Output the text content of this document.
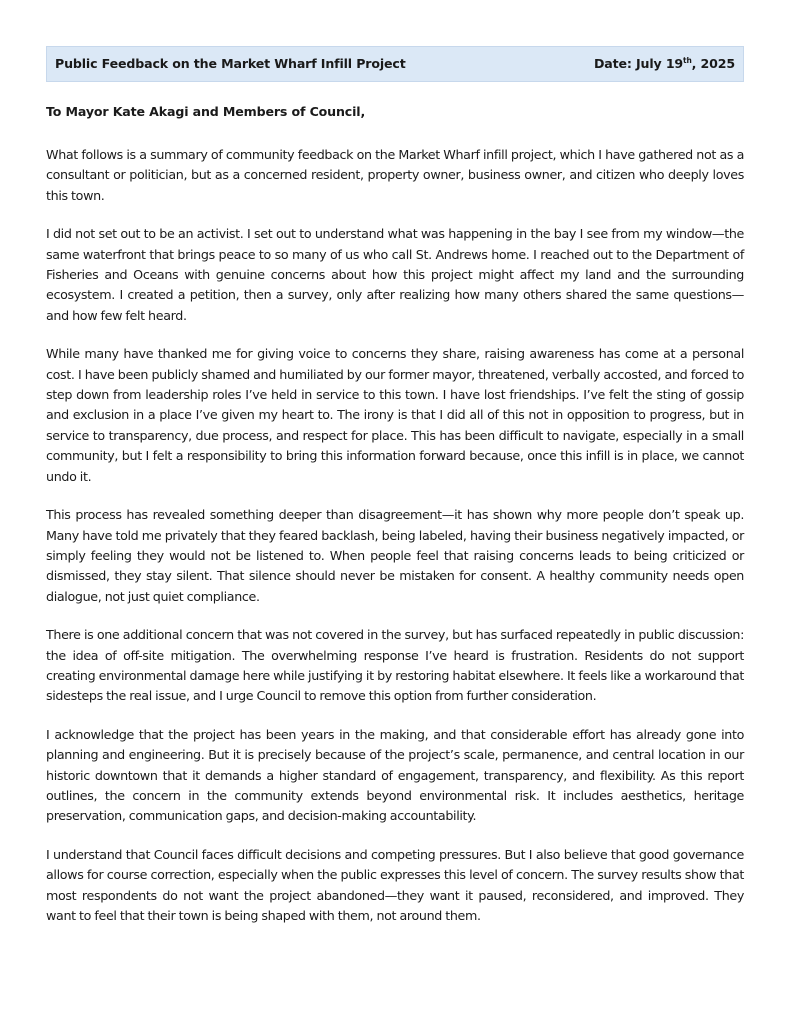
Public Feedback on the Market Wharf Infill Project	Date: July 19th, 2025
To Mayor Kate Akagi and Members of Council,

What follows is a summary of community feedback on the Market Wharf infill project, which I have gathered not as a consultant or politician, but as a concerned resident, property owner, business owner, and citizen who deeply loves this town.

I did not set out to be an activist. I set out to understand what was happening in the bay I see from my window—the same waterfront that brings peace to so many of us who call St. Andrews home. I reached out to the Department of Fisheries and Oceans with genuine concerns about how this project might affect my land and the surrounding ecosystem. I created a petition, then a survey, only after realizing how many others shared the same questions—and how few felt heard.

While many have thanked me for giving voice to concerns they share, raising awareness has come at a personal cost. I have been publicly shamed and humiliated by our former mayor, threatened, verbally accosted, and forced to step down from leadership roles I’ve held in service to this town. I have lost friendships. I’ve felt the sting of gossip and exclusion in a place I’ve given my heart to. The irony is that I did all of this not in opposition to progress, but in service to transparency, due process, and respect for place. This has been difficult to navigate, especially in a small community, but I felt a responsibility to bring this information forward because, once this infill is in place, we cannot undo it.

This process has revealed something deeper than disagreement—it has shown why more people don’t speak up. Many have told me privately that they feared backlash, being labeled, having their business negatively impacted, or simply feeling they would not be listened to. When people feel that raising concerns leads to being criticized or dismissed, they stay silent. That silence should never be mistaken for consent. A healthy community needs open dialogue, not just quiet compliance.

There is one additional concern that was not covered in the survey, but has surfaced repeatedly in public discussion: the idea of off-site mitigation. The overwhelming response I’ve heard is frustration. Residents do not support creating environmental damage here while justifying it by restoring habitat elsewhere. It feels like a workaround that sidesteps the real issue, and I urge Council to remove this option from further consideration.

I acknowledge that the project has been years in the making, and that considerable effort has already gone into planning and engineering. But it is precisely because of the project’s scale, permanence, and central location in our historic downtown that it demands a higher standard of engagement, transparency, and flexibility. As this report outlines, the concern in the community extends beyond environmental risk. It includes aesthetics, heritage preservation, communication gaps, and decision-making accountability.

I understand that Council faces difficult decisions and competing pressures. But I also believe that good governance allows for course correction, especially when the public expresses this level of concern. The survey results show that most respondents do not want the project abandoned—they want it paused, reconsidered, and improved. They want to feel that their town is being shaped with them, not around them.
